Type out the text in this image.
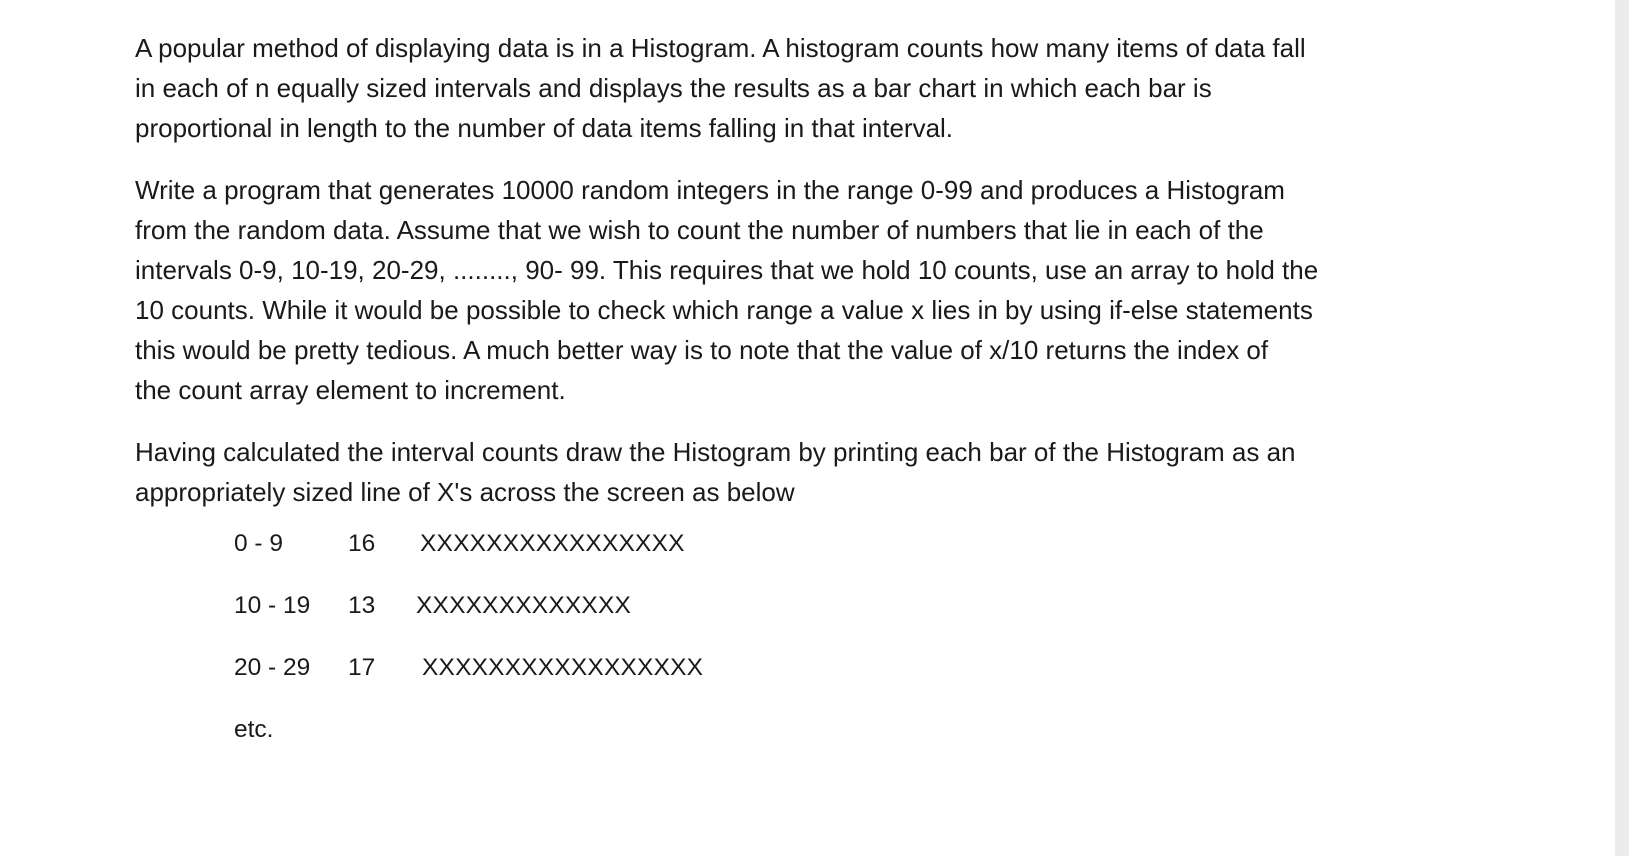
A popular method of displaying data is in a Histogram. A histogram counts how many items of data fall
in each of n equally sized intervals and displays the results as a bar chart in which each bar is
proportional in length to the number of data items falling in that interval.

Write a program that generates 10000 random integers in the range 0-99 and produces a Histogram
from the random data. Assume that we wish to count the number of numbers that lie in each of the
intervals 0-9, 10-19, 20-29, ........, 90- 99. This requires that we hold 10 counts, use an array to hold the
10 counts. While it would be possible to check which range a value x lies in by using if-else statements
this would be pretty tedious. A much better way is to note that the value of x/10 returns the index of
the count array element to increment.

Having calculated the interval counts draw the Histogram by printing each bar of the Histogram as an
appropriately sized line of X's across the screen as below

0 - 9	16 XXXXXXXXXXXXXXXX
10 - 19 13 XXXXXXXXXXXXX
20 - 29 17 XXXXXXXXXXXXXXXXX
etc.
